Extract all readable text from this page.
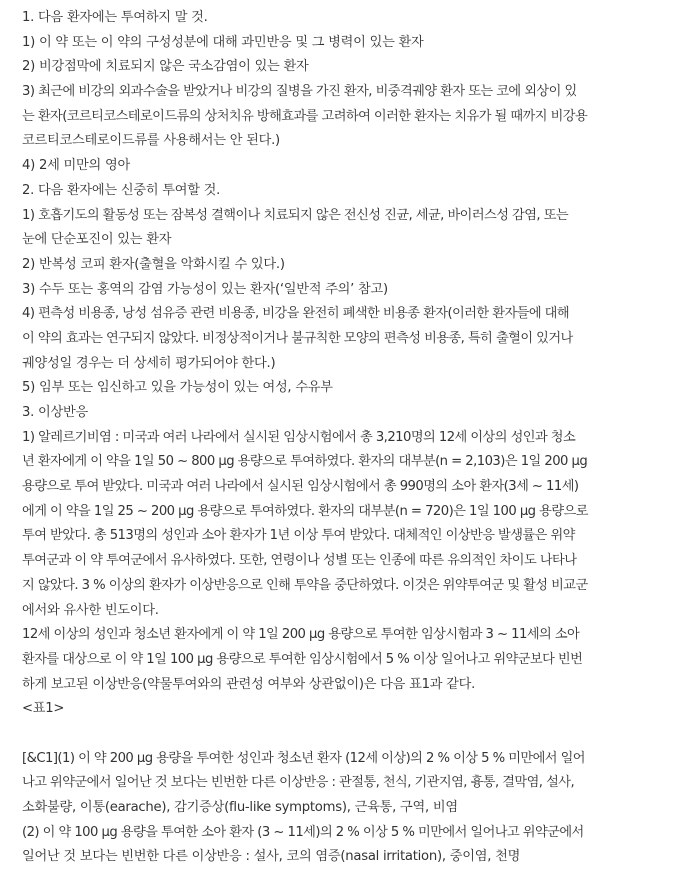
1. 다음 환자에는 투여하지 말 것.
1) 이 약 또는 이 약의 구성성분에 대해 과민반응 및 그 병력이 있는 환자
2) 비강점막에 치료되지 않은 국소감염이 있는 환자
3) 최근에 비강의 외과수술을 받았거나 비강의 질병을 가진 환자, 비중격궤양 환자 또는 코에 외상이 있
는 환자(코르티코스테로이드류의 상처치유 방해효과를 고려하여 이러한 환자는 치유가 될 때까지 비강용
코르티코스테로이드류를 사용해서는 안 된다.)
4) 2세 미만의 영아
2. 다음 환자에는 신중히 투여할 것.
1) 호흡기도의 활동성 또는 잠복성 결핵이나 치료되지 않은 전신성 진균, 세균, 바이러스성 감염, 또는
눈에 단순포진이 있는 환자
2) 반복성 코피 환자(출혈을 악화시킬 수 있다.)
3) 수두 또는 홍역의 감염 가능성이 있는 환자(‘일반적 주의’ 참고)
4) 편측성 비용종, 낭성 섬유증 관련 비용종, 비강을 완전히 폐색한 비용종 환자(이러한 환자들에 대해
이 약의 효과는 연구되지 않았다. 비정상적이거나 불규칙한 모양의 편측성 비용종, 특히 출혈이 있거나
궤양성일 경우는 더 상세히 평가되어야 한다.)
5) 임부 또는 임신하고 있을 가능성이 있는 여성, 수유부
3. 이상반응
1) 알레르기비염 : 미국과 여러 나라에서 실시된 임상시험에서 총 3,210명의 12세 이상의 성인과 청소
년 환자에게 이 약을 1일 50 ~ 800 μg 용량으로 투여하였다. 환자의 대부분(n = 2,103)은 1일 200 μg
용량으로 투여 받았다. 미국과 여러 나라에서 실시된 임상시험에서 총 990명의 소아 환자(3세 ~ 11세)
에게 이 약을 1일 25 ~ 200 μg 용량으로 투여하였다. 환자의 대부분(n = 720)은 1일 100 μg 용량으로
투여 받았다. 총 513명의 성인과 소아 환자가 1년 이상 투여 받았다. 대체적인 이상반응 발생률은 위약
투여군과 이 약 투여군에서 유사하였다. 또한, 연령이나 성별 또는 인종에 따른 유의적인 차이도 나타나
지 않았다. 3 % 이상의 환자가 이상반응으로 인해 투약을 중단하였다. 이것은 위약투여군 및 활성 비교군
에서와 유사한 빈도이다.
12세 이상의 성인과 청소년 환자에게 이 약 1일 200 μg 용량으로 투여한 임상시험과 3 ~ 11세의 소아
환자를 대상으로 이 약 1일 100 μg 용량으로 투여한 임상시험에서 5 % 이상 일어나고 위약군보다 빈번
하게 보고된 이상반응(약물투여와의 관련성 여부와 상관없이)은 다음 표1과 같다.
<표1>
[&C1](1) 이 약 200 μg 용량을 투여한 성인과 청소년 환자 (12세 이상)의 2 % 이상 5 % 미만에서 일어
나고 위약군에서 일어난 것 보다는 빈번한 다른 이상반응 : 관절통, 천식, 기관지염, 흉통, 결막염, 설사,
소화불량, 이통(earache), 감기증상(flu-like symptoms), 근육통, 구역, 비염
(2) 이 약 100 μg 용량을 투여한 소아 환자 (3 ~ 11세)의 2 % 이상 5 % 미만에서 일어나고 위약군에서
일어난 것 보다는 빈번한 다른 이상반응 : 설사, 코의 염증(nasal irritation), 중이염, 천명
